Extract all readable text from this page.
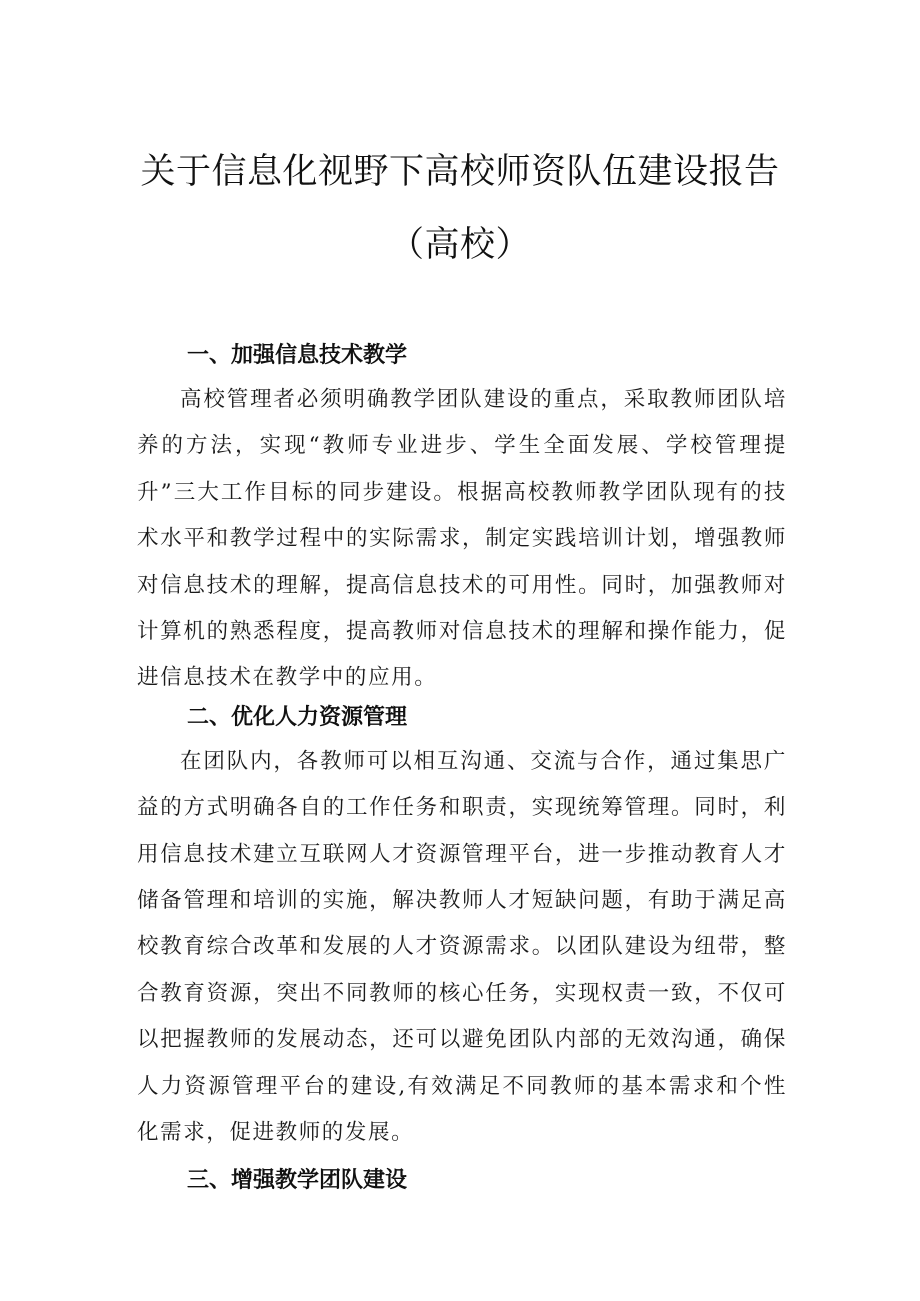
关于信息化视野下高校师资队伍建设报告
（高校）
一、加强信息技术教学

高校管理者必须明确教学团队建设的重点，采取教师团队培养的方法，实现“教师专业进步、学生全面发展、学校管理提升”三大工作目标的同步建设。根据高校教师教学团队现有的技术水平和教学过程中的实际需求，制定实践培训计划，增强教师对信息技术的理解，提高信息技术的可用性。同时，加强教师对计算机的熟悉程度，提高教师对信息技术的理解和操作能力，促进信息技术在教学中的应用。

二、优化人力资源管理

在团队内，各教师可以相互沟通、交流与合作，通过集思广益的方式明确各自的工作任务和职责，实现统筹管理。同时，利用信息技术建立互联网人才资源管理平台，进一步推动教育人才储备管理和培训的实施，解决教师人才短缺问题，有助于满足高校教育综合改革和发展的人才资源需求。以团队建设为纽带，整合教育资源，突出不同教师的核心任务，实现权责一致，不仅可以把握教师的发展动态，还可以避免团队内部的无效沟通，确保人力资源管理平台的建设,有效满足不同教师的基本需求和个性化需求，促进教师的发展。

三、增强教学团队建设
